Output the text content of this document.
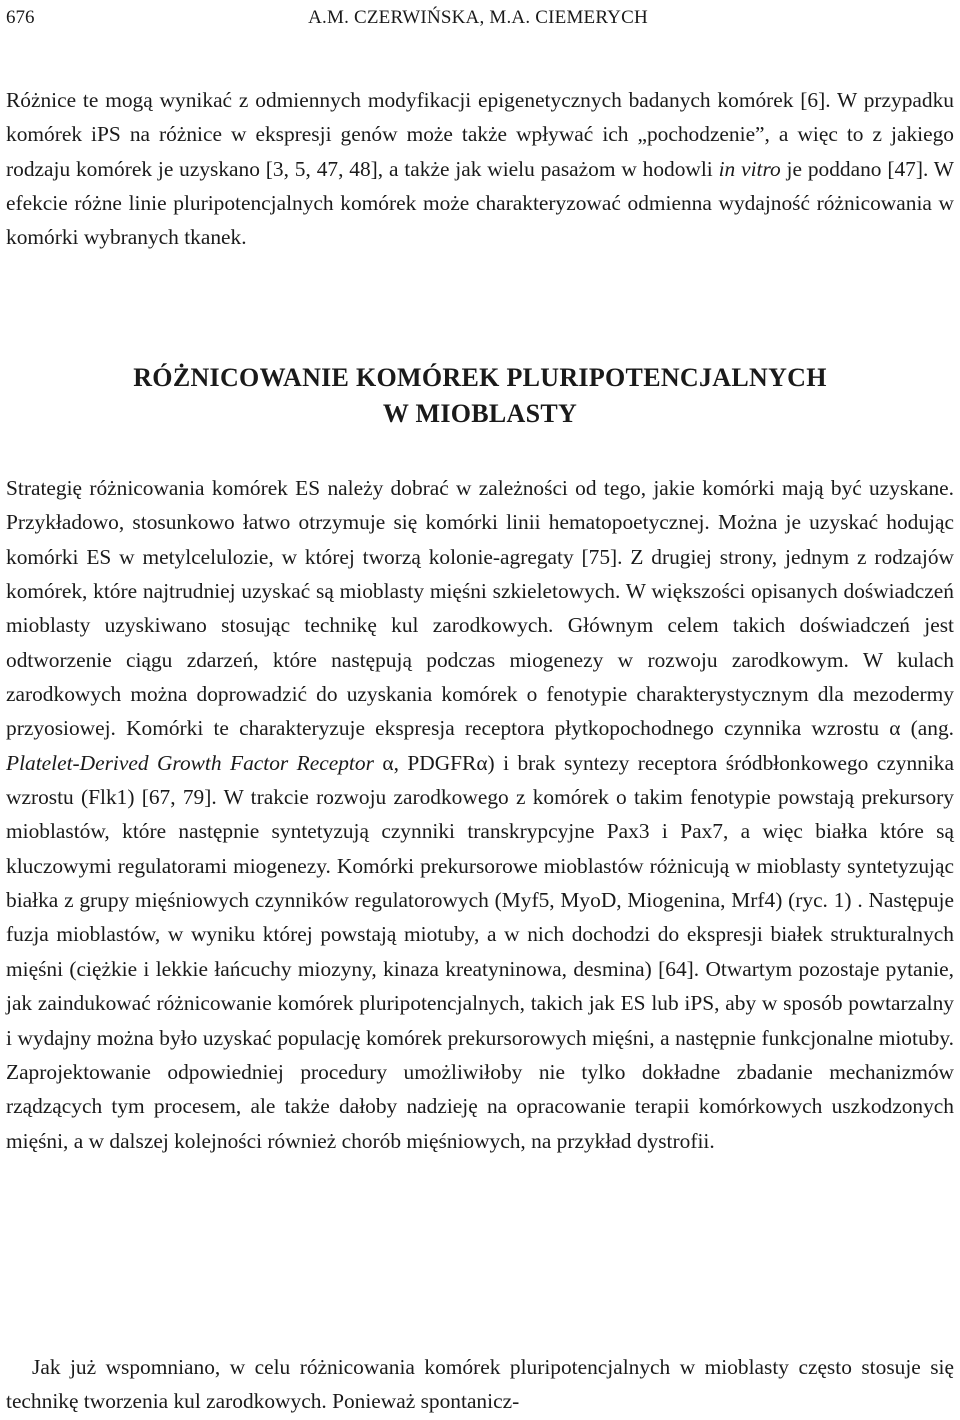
676	A.M. CZERWIŃSKA, M.A. CIEMERYCH

Różnice te mogą wynikać z odmiennych modyfikacji epigenetycznych badanych komórek [6]. W przypadku komórek iPS na różnice w ekspresji genów może także wpływać ich „pochodzenie”, a więc to z jakiego rodzaju komórek je uzyskano [3, 5, 47, 48], a także jak wielu pasażom w hodowli in vitro je poddano [47]. W efekcie różne linie pluripotencjalnych komórek może charakteryzować odmienna wydajność różnicowania w komórki wybranych tkanek.

RÓŻNICOWANIE KOMÓREK PLURIPOTENCJALNYCH
W MIOBLASTY

Strategię różnicowania komórek ES należy dobrać w zależności od tego, jakie komórki mają być uzyskane. Przykładowo, stosunkowo łatwo otrzymuje się komórki linii hematopoetycznej. Można je uzyskać hodując komórki ES w metylcelulozie, w której tworzą kolonie-agregaty [75]. Z drugiej strony, jednym z rodzajów komórek, które najtrudniej uzyskać są mioblasty mięśni szkieletowych. W większości opisanych doświadczeń mioblasty uzyskiwano stosując technikę kul zarodkowych. Głównym celem takich doświadczeń jest odtworzenie ciągu zdarzeń, które następują podczas miogenezy w rozwoju zarodkowym. W kulach zarodkowych można doprowadzić do uzyskania komórek o fenotypie charakterystycznym dla mezodermy przyosiowej. Komórki te charakteryzuje ekspresja receptora płytkopochodnego czynnika wzrostu α (ang. Platelet-Derived Growth Factor Receptor α, PDGFRα) i brak syntezy receptora śródbłonkowego czynnika wzrostu (Flk1) [67, 79]. W trakcie rozwoju zarodkowego z komórek o takim fenotypie powstają prekursory mioblastów, które następnie syntetyzują czynniki transkrypcyjne Pax3 i Pax7, a więc białka które są kluczowymi regulatorami miogenezy. Komórki prekursorowe mioblastów różnicują w mioblasty syntetyzując białka z grupy mięśniowych czynników regulatorowych (Myf5, MyoD, Miogenina, Mrf4) (ryc. 1) . Następuje fuzja mioblastów, w wyniku której powstają miotuby, a w nich dochodzi do ekspresji białek strukturalnych mięśni (ciężkie i lekkie łańcuchy miozyny, kinaza kreatyninowa, desmina) [64]. Otwartym pozostaje pytanie, jak zaindukować różnicowanie komórek pluripotencjalnych, takich jak ES lub iPS, aby w sposób powtarzalny i wydajny można było uzyskać populację komórek prekursorowych mięśni, a następnie funkcjonalne miotuby. Zaprojektowanie odpowiedniej procedury umożliwiłoby nie tylko dokładne zbadanie mechanizmów rządzących tym procesem, ale także dałoby nadzieję na opracowanie terapii komórkowych uszkodzonych mięśni, a w dalszej kolejności również chorób mięśniowych, na przykład dystrofii.

Jak już wspomniano, w celu różnicowania komórek pluripotencjalnych w mioblasty często stosuje się technikę tworzenia kul zarodkowych. Ponieważ spontanicz-
